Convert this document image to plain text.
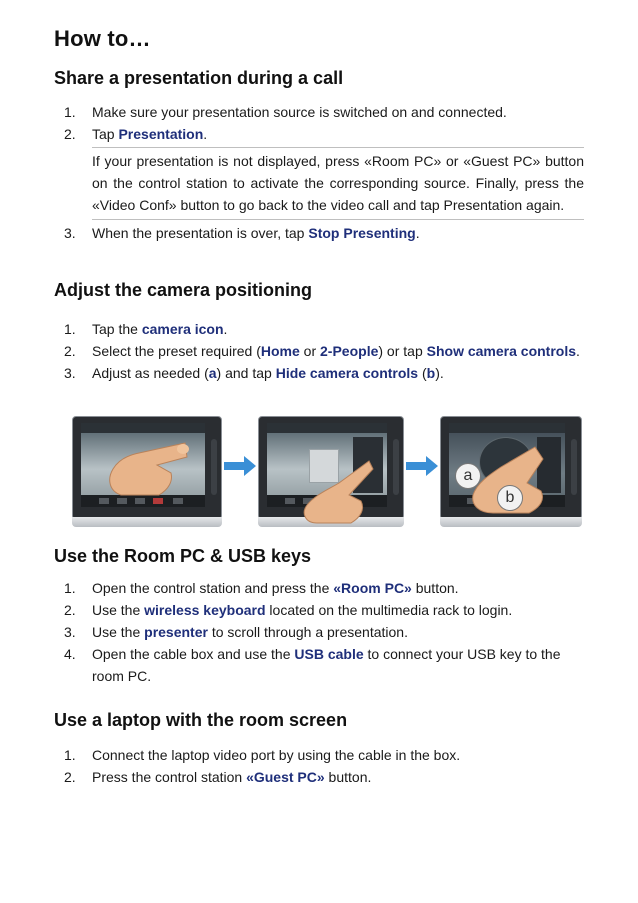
How to…
Share a presentation during a call
1.	Make sure your presentation source is switched on and connected.
2.	Tap Presentation.
If your presentation is not displayed, press «Room PC» or «Guest PC» button on the control station to activate the corresponding source. Finally, press the «Video Conf» button to go back to the video call and tap Presentation again.
3.	When the presentation is over, tap Stop Presenting.
Adjust the camera positioning
1.	Tap the camera icon.
2.	Select the preset required (Home or 2-People) or tap Show camera controls.
3.	Adjust as needed (a) and tap Hide camera controls (b).
a
b
Use the Room PC & USB keys
1.	Open the control station and press the «Room PC» button.
2.	Use the wireless keyboard located on the multimedia rack to login.
3.	Use the presenter to scroll through a presentation.
4.	Open the cable box and use the USB cable to connect your USB key to the room PC.
Use a laptop with the room screen
1.	Connect the laptop video port by using the cable in the box.
2.	Press the control station «Guest PC» button.
